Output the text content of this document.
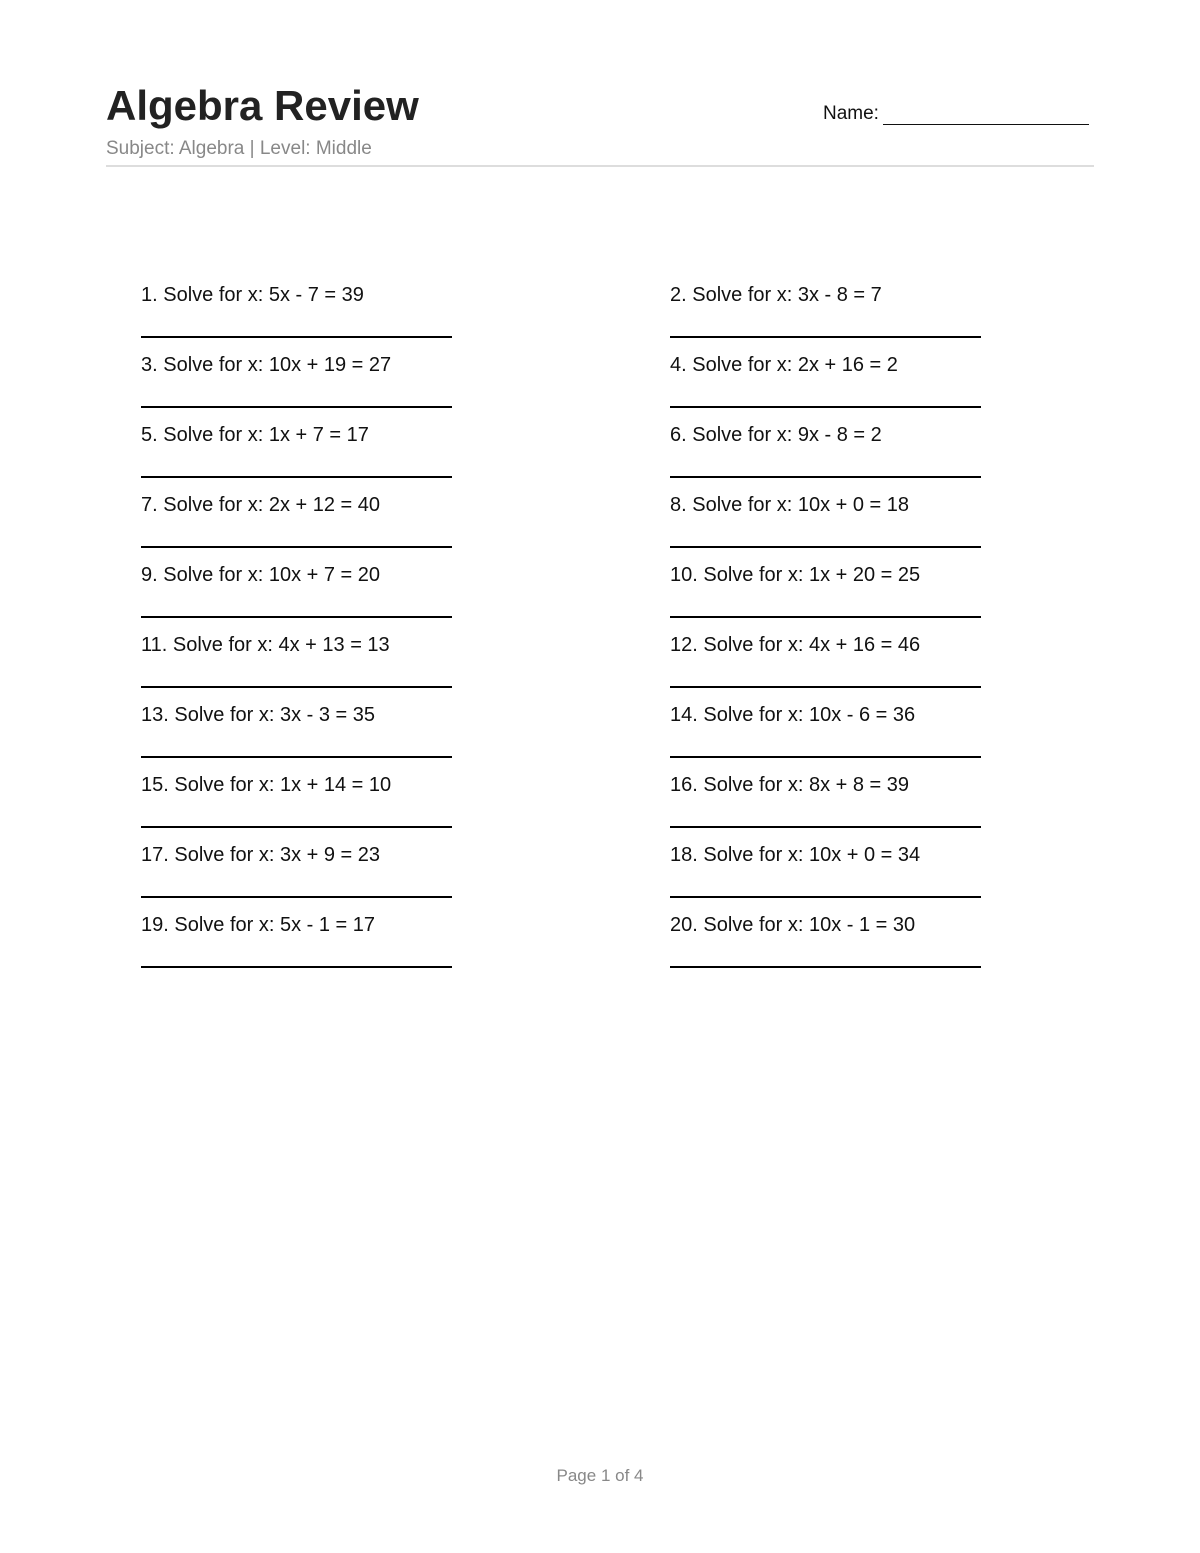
Algebra Review
Subject: Algebra | Level: Middle
Name:
1. Solve for x: 5x - 7 = 39	2. Solve for x: 3x - 8 = 7
3. Solve for x: 10x + 19 = 27	4. Solve for x: 2x + 16 = 2
5. Solve for x: 1x + 7 = 17	6. Solve for x: 9x - 8 = 2
7. Solve for x: 2x + 12 = 40	8. Solve for x: 10x + 0 = 18
9. Solve for x: 10x + 7 = 20	10. Solve for x: 1x + 20 = 25
11. Solve for x: 4x + 13 = 13	12. Solve for x: 4x + 16 = 46
13. Solve for x: 3x - 3 = 35	14. Solve for x: 10x - 6 = 36
15. Solve for x: 1x + 14 = 10	16. Solve for x: 8x + 8 = 39
17. Solve for x: 3x + 9 = 23	18. Solve for x: 10x + 0 = 34
19. Solve for x: 5x - 1 = 17	20. Solve for x: 10x - 1 = 30
Page 1 of 4
